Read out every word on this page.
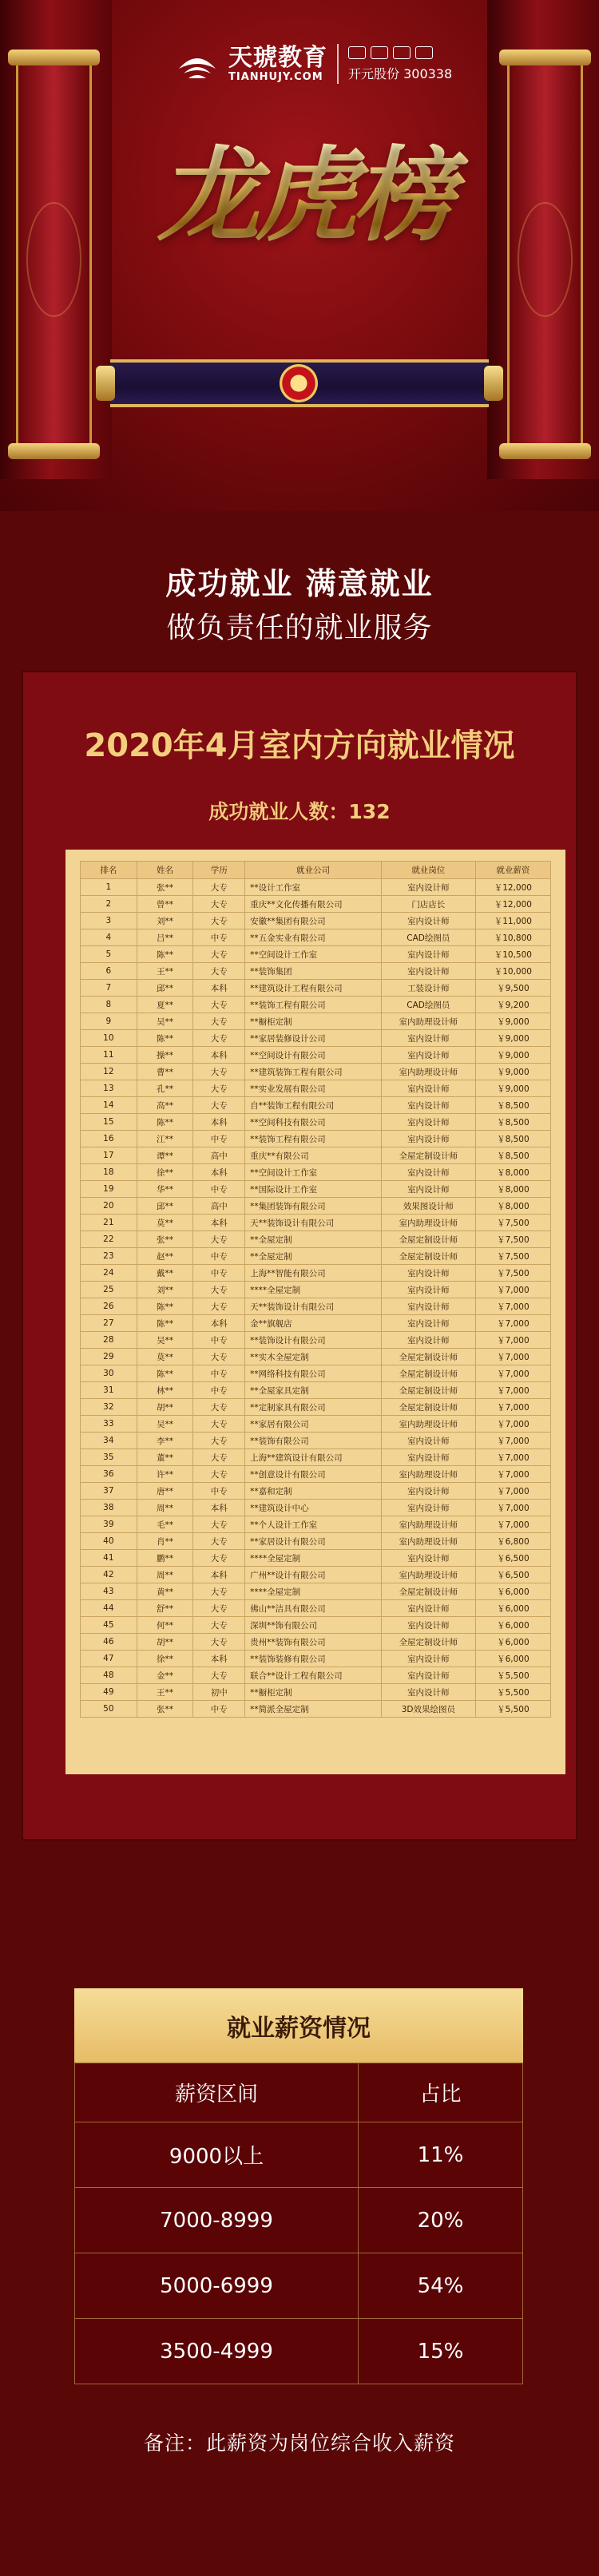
天琥教育
TIANHUJY.COM	开元股份 300338
龙虎榜
成功就业 满意就业
做负责任的就业服务
2020年4月室内方向就业情况
成功就业人数：132
排名	姓名	学历	就业公司	就业岗位	就业薪资
1	张**	大专	**设计工作室	室内设计师	￥12,000
2	曾**	大专	重庆**文化传播有限公司	门店店长	￥12,000
3	刘**	大专	安徽**集团有限公司	室内设计师	￥11,000
4	吕**	中专	**五金实业有限公司	CAD绘图员	￥10,800
5	陈**	大专	**空间设计工作室	室内设计师	￥10,500
6	王**	大专	**装饰集团	室内设计师	￥10,000
7	邱**	本科	**建筑设计工程有限公司	工装设计师	￥9,500
8	夏**	大专	**装饰工程有限公司	CAD绘图员	￥9,200
9	吴**	大专	**橱柜定制	室内助理设计师	￥9,000
10	陈**	大专	**家居装修设计公司	室内设计师	￥9,000
11	操**	本科	**空间设计有限公司	室内设计师	￥9,000
12	曹**	大专	**建筑装饰工程有限公司	室内助理设计师	￥9,000
13	孔**	大专	**实业发展有限公司	室内设计师	￥9,000
14	高**	大专	自**装饰工程有限公司	室内设计师	￥8,500
15	陈**	本科	**空间科技有限公司	室内设计师	￥8,500
16	江**	中专	**装饰工程有限公司	室内设计师	￥8,500
17	谭**	高中	重庆**有限公司	全屋定制设计师	￥8,500
18	徐**	本科	**空间设计工作室	室内设计师	￥8,000
19	华**	中专	**国际设计工作室	室内设计师	￥8,000
20	邱**	高中	**集团装饰有限公司	效果图设计师	￥8,000
21	莫**	本科	天**装饰设计有限公司	室内助理设计师	￥7,500
22	张**	大专	**全屋定制	全屋定制设计师	￥7,500
23	赵**	中专	**全屋定制	全屋定制设计师	￥7,500
24	戴**	中专	上海**智能有限公司	室内设计师	￥7,500
25	刘**	大专	****全屋定制	室内设计师	￥7,000
26	陈**	大专	天**装饰设计有限公司	室内设计师	￥7,000
27	陈**	本科	金**旗舰店	室内设计师	￥7,000
28	吴**	中专	**装饰设计有限公司	室内设计师	￥7,000
29	莫**	大专	**实木全屋定制	全屋定制设计师	￥7,000
30	陈**	中专	**网络科技有限公司	全屋定制设计师	￥7,000
31	林**	中专	**全屋家具定制	全屋定制设计师	￥7,000
32	胡**	大专	**定制家具有限公司	全屋定制设计师	￥7,000
33	吴**	大专	**家居有限公司	室内助理设计师	￥7,000
34	李**	大专	**装饰有限公司	室内设计师	￥7,000
35	董**	大专	上海**建筑设计有限公司	室内设计师	￥7,000
36	许**	大专	**创意设计有限公司	室内助理设计师	￥7,000
37	唐**	中专	**嘉和定制	室内设计师	￥7,000
38	周**	本科	**建筑设计中心	室内设计师	￥7,000
39	毛**	大专	**个人设计工作室	室内助理设计师	￥7,000
40	肖**	大专	**家居设计有限公司	室内助理设计师	￥6,800
41	鹏**	大专	****全屋定制	室内设计师	￥6,500
42	周**	本科	广州**设计有限公司	室内助理设计师	￥6,500
43	黄**	大专	****全屋定制	全屋定制设计师	￥6,000
44	舒**	大专	佛山**洁具有限公司	室内设计师	￥6,000
45	何**	大专	深圳**饰有限公司	室内设计师	￥6,000
46	胡**	大专	贵州**装饰有限公司	全屋定制设计师	￥6,000
47	徐**	本科	**装饰装修有限公司	室内设计师	￥6,000
48	金**	大专	联合**设计工程有限公司	室内设计师	￥5,500
49	王**	初中	**橱柜定制	室内设计师	￥5,500
50	张**	中专	**简派全屋定制	3D效果绘图员	￥5,500
就业薪资情况
薪资区间	占比
9000以上	11%
7000-8999	20%
5000-6999	54%
3500-4999	15%
备注：此薪资为岗位综合收入薪资
